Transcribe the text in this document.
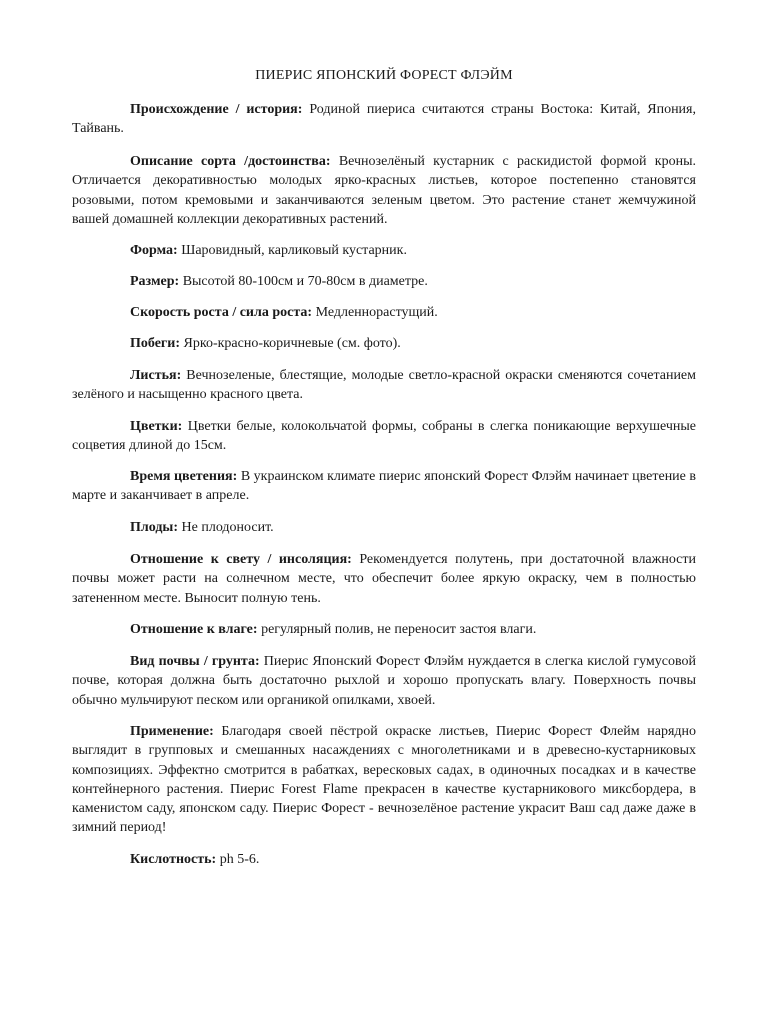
ПИЕРИС ЯПОНСКИЙ ФОРЕСТ ФЛЭЙМ

Происхождение / история: Родиной пиериса считаются страны Востока: Китай, Япония, Тайвань.

Описание сорта /достоинства: Вечнозелёный кустарник с раскидистой формой кроны. Отличается декоративностью молодых ярко-красных листьев, которое постепенно становятся розовыми, потом кремовыми и заканчиваются зеленым цветом. Это растение станет жемчужиной вашей домашней коллекции декоративных растений.

Форма: Шаровидный, карликовый кустарник.

Размер: Высотой 80-100см и 70-80см в диаметре.

Скорость роста / сила роста: Медленнорастущий.

Побеги: Ярко-красно-коричневые (см. фото).

Листья: Вечнозеленые, блестящие, молодые светло-красной окраски сменяются сочетанием зелёного и насыщенно красного цвета.

Цветки: Цветки белые, колокольчатой формы, собраны в слегка поникающие верхушечные соцветия длиной до 15см.

Время цветения: В украинском климате пиерис японский Форест Флэйм начинает цветение в марте и заканчивает в апреле.

Плоды: Не плодоносит.

Отношение к свету / инсоляция: Рекомендуется полутень, при достаточной влажности почвы может расти на солнечном месте, что обеспечит более яркую окраску, чем в полностью затененном месте. Выносит полную тень.

Отношение к влаге: регулярный полив, не переносит застоя влаги.

Вид почвы / грунта: Пиерис Японский Форест Флэйм нуждается в слегка кислой гумусовой почве, которая должна быть достаточно рыхлой и хорошо пропускать влагу. Поверхность почвы обычно мульчируют песком или органикой опилками, хвоей.

Применение: Благодаря своей пёстрой окраске листьев, Пиерис Форест Флейм нарядно выглядит в групповых и смешанных насаждениях с многолетниками и в древесно-кустарниковых композициях. Эффектно смотрится в рабатках, вересковых садах, в одиночных посадках и в качестве контейнерного растения. Пиерис Forest Flame прекрасен в качестве кустарникового миксбордера, в каменистом саду, японском саду. Пиерис Форест - вечнозелёное растение украсит Ваш сад даже даже в зимний период!

Кислотность: ph 5-6.
